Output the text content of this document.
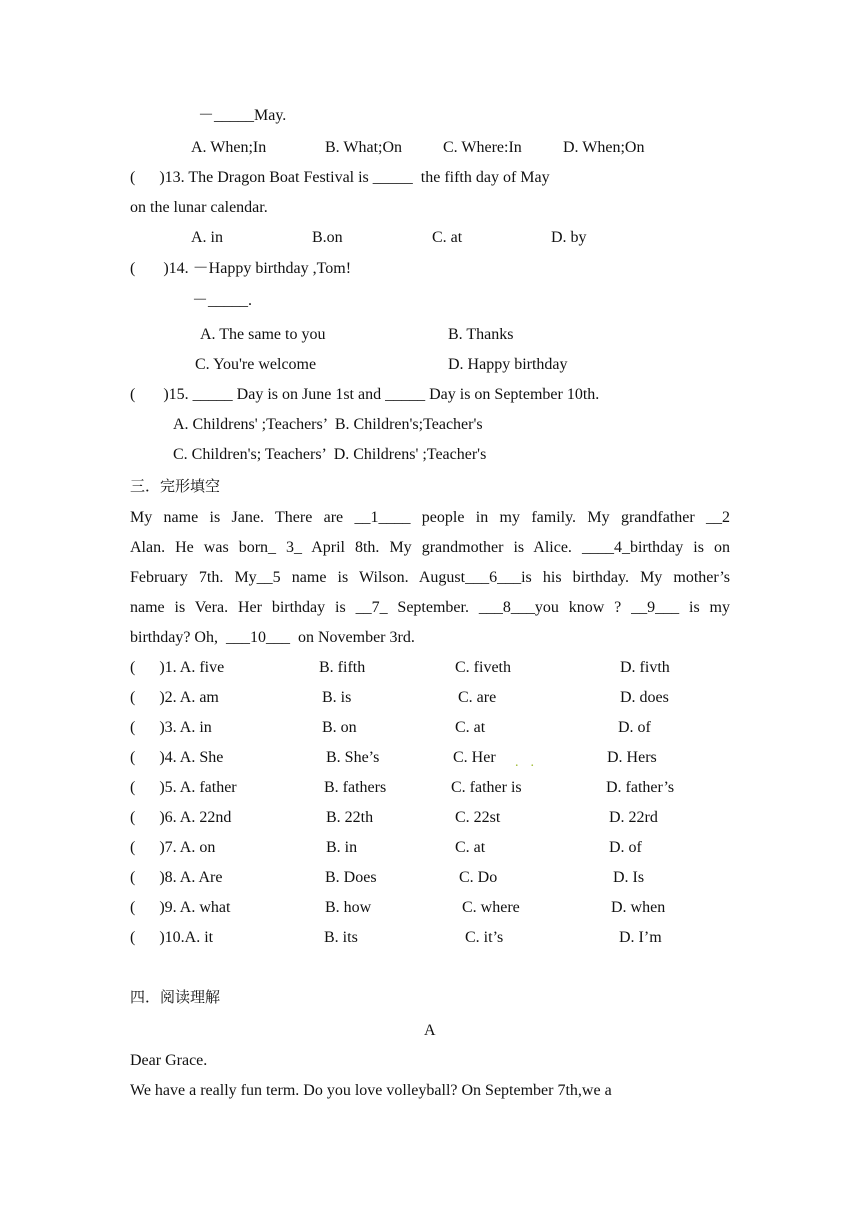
－_____May.
A. When;In	B. What;On	C. Where:In	D. When;On
(      )13. The Dragon Boat Festival is _____  the fifth day of May
on the lunar calendar.
A. in	B.on	C. at	D. by
(       )14. －Happy birthday ,Tom!
－_____.
A. The same to you	B. Thanks
C. You're welcome	D. Happy birthday
(       )15. _____ Day is on June 1st and _____ Day is on September 10th.
A. Childrens' ;Teachers’  B. Children's;Teacher's
C. Children's; Teachers’  D. Childrens' ;Teacher's
三．完形填空
My name is Jane. There are __1____ people in my family. My grandfather __2
Alan. He was born_ 3_ April 8th. My grandmother is Alice. ____4_birthday is on
February 7th. My__5 name is Wilson. August___6___is his birthday. My mother’s
name is Vera. Her birthday is __7_ September. ___8___you know ? __9___ is my
birthday? Oh,  ___10___  on November 3rd.
(      )1. A. five	B. fifth	C. fiveth	D. fivth
(      )2. A. am	B. is	C. are	D. does
(      )3. A. in	B. on	C. at	D. of
(      )4. A. She	B. She’s	C. Her ..	D. Hers
(      )5. A. father	B. fathers	C. father is	D. father’s
(      )6. A. 22nd	B. 22th	C. 22st	D. 22rd
(      )7. A. on	B. in	C. at	D. of
(      )8. A. Are	B. Does	C. Do	D. Is
(      )9. A. what	B. how	C. where	D. when
(      )10.A. it	B. its	C. it’s	D. I’m
四．阅读理解
A
Dear Grace.
We have a really fun term. Do you love volleyball? On September 7th,we a
